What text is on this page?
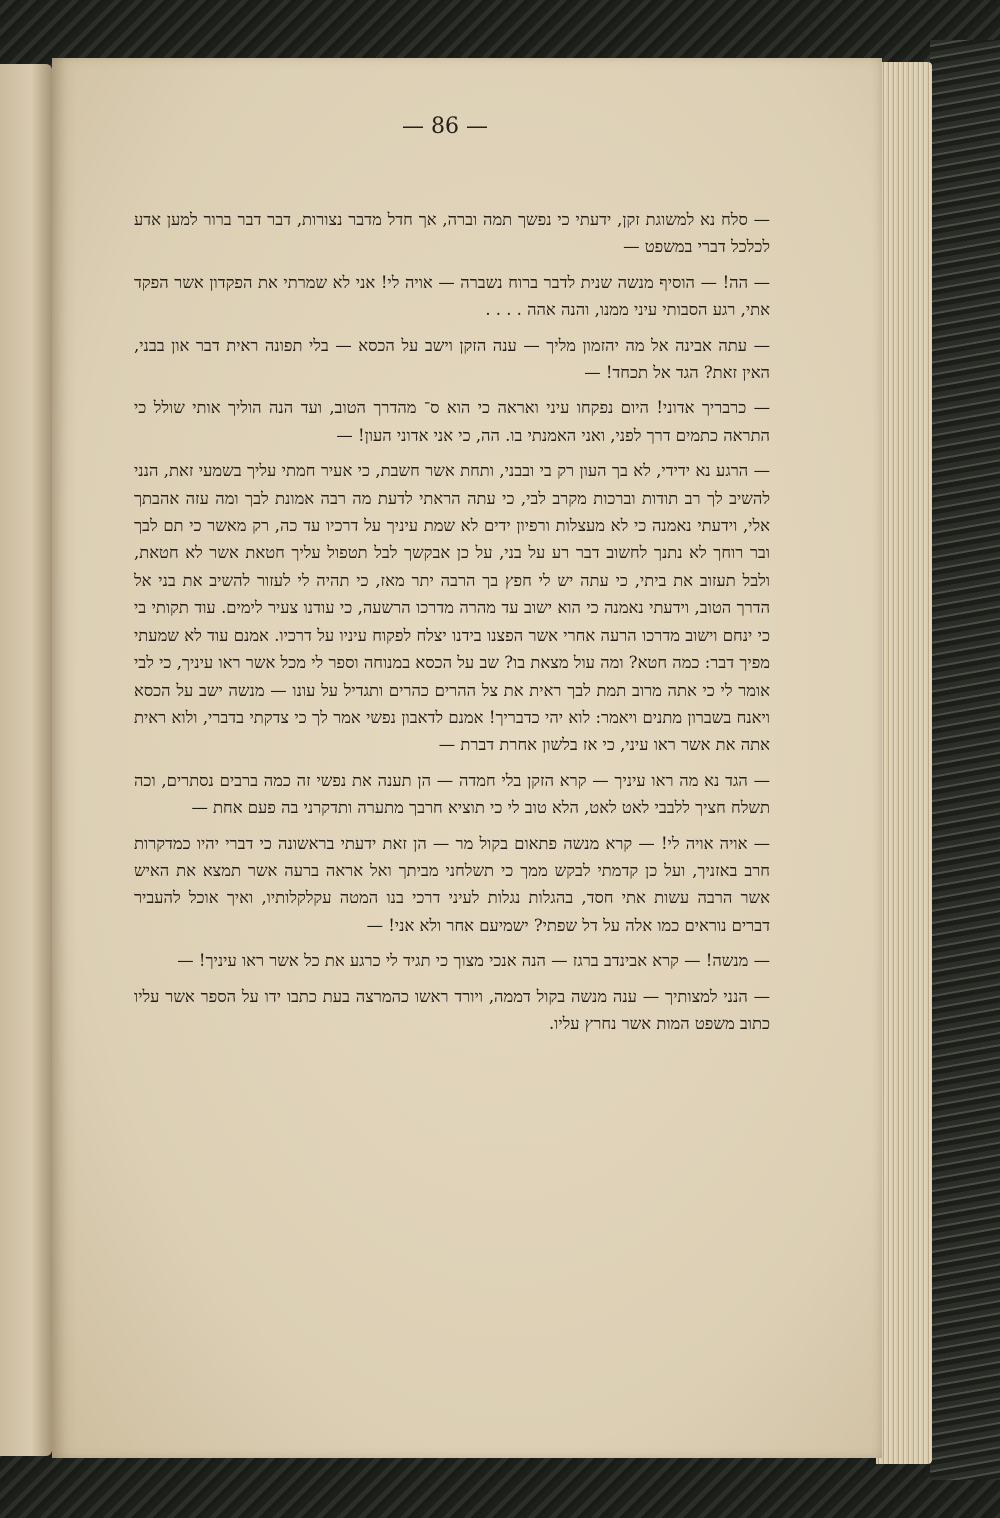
— 86 —

— סלח נא למשוגת זקן, ידעתי כי נפשך תמה וברה, אך חדל מדבר נצורות, דבר דבר ברור למען אדע לכלכל דברי במשפט —

— הה! — הוסיף מנשה שנית לדבר ברוח נשברה — אויה לי! אני לא שמרתי את הפקדון אשר הפקד אתי, רגע הסבותי עיני ממנו, והנה אהה . . . .

— עתה אבינה אל מה יהזמון מליך — ענה הזקן וישב על הכסא — בלי תפונה ראית דבר און בבני, האין זאת? הגד אל תכחד! —

— כרבריך אדוני! היום נפקחו עיני ואראה כי הוא ס־ מהדרך הטוב, ועד הנה הוליך אותי שולל כי התראה כתמים דרך לפני, ואני האמנתי בו. הה, כי אני אדוני העון! —

— הרגע נא ידידי, לא בך העון רק בי ובבני, ותחת אשר חשבת, כי אעיר חמתי עליך בשמעי זאת, הנני להשיב לך רב תודות וברכות מקרב לבי, כי עתה הראתי לדעת מה רבה אמונת לבך ומה עזה אהבתך אלי, וידעתי נאמנה כי לא מעצלות ורפיון ידים לא שמת עיניך על דרכיו עד כה, רק מאשר כי תם לבך ובר רוחך לא נתנך לחשוב דבר רע על בני, על כן אבקשך לבל תטפול עליך חטאת אשר לא חטאת, ולבל תעזוב את ביתי, כי עתה יש לי חפץ בך הרבה יתר מאז, כי תהיה לי לעזור להשיב את בני אל הדרך הטוב, וידעתי נאמנה כי הוא ישוב עד מהרה מדרכו הרשעה, כי עודנו צעיר לימים. עוד תקותי בי כי ינחם וישוב מדרכו הרעה אחרי אשר הפצנו בידנו יצלח לפקוח עיניו על דרכיו. אמנם עוד לא שמעתי מפיך דבר: כמה חטא? ומה עול מצאת בו? שב על הכסא במנוחה וספר לי מכל אשר ראו עיניך, כי לבי אומר לי כי אתה מרוב תמת לבך ראית את צל ההרים כהרים ותגדיל על עונו — מנשה ישב על הכסא ויאנח בשברון מתנים ויאמר: לוא יהי כדבריך! אמנם לדאבון נפשי אמר לך כי צדקתי בדברי, ולוא ראית אתה את אשר ראו עיני, כי אז בלשון אחרת דברת —

— הגד נא מה ראו עיניך — קרא הזקן בלי חמדה — הן תענה את נפשי זה כמה ברבים נסתרים, וכה תשלח חציך ללבבי לאט לאט, הלא טוב לי כי תוציא חרבך מתערה ותדקרני בה פעם אחת —

— אויה אויה לי! — קרא מנשה פתאום בקול מר — הן זאת ידעתי בראשונה כי דברי יהיו כמדקרות חרב באזניך, ועל כן קדמתי לבקש ממך כי תשלחני מביתך ואל אראה ברעה אשר תמצא את האיש אשר הרבה עשות אתי חסד, בהגלות נגלות לעיני דרכי בנו המטה עקלקלותיו, ואיך אוכל להעביר דברים נוראים כמו אלה על דל שפתי? ישמיעם אחר ולא אני! —

— מנשה! — קרא אבינדב ברגז — הנה אנכי מצוך כי תגיד לי כרגע את כל אשר ראו עיניך! —

— הנני למצותיך — ענה מנשה בקול דממה, ויורד ראשו כהמרצה בעת כתבו ידו על הספר אשר עליו כתוב משפט המות אשר נחרץ עליו.
